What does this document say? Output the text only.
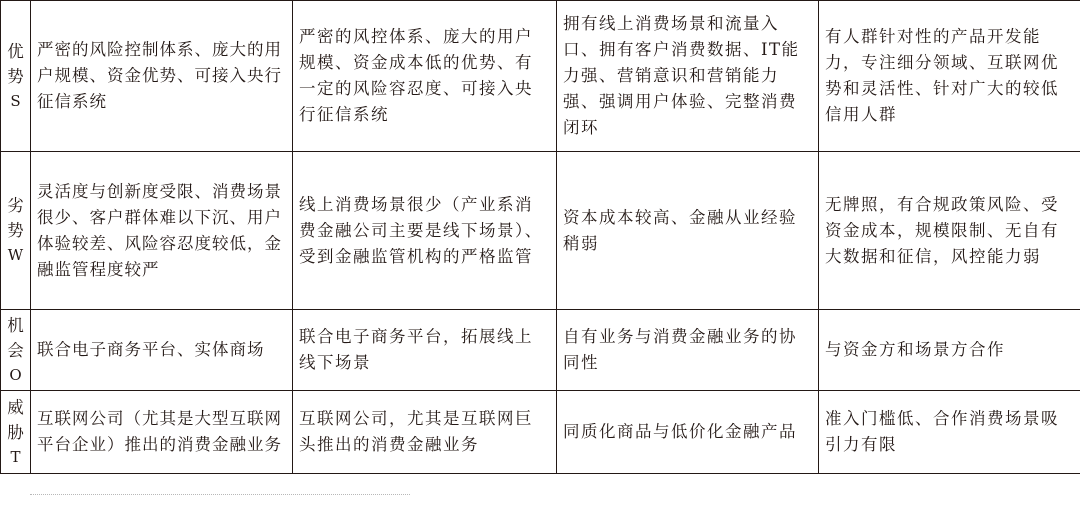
优
势
S	严密的风险控制体系、庞大的用户规模、资金优势、可接入央行征信系统	严密的风控体系、庞大的用户规模、资金成本低的优势、有一定的风险容忍度、可接入央行征信系统	拥有线上消费场景和流量入口、拥有客户消费数据、IT能力强、营销意识和营销能力强、强调用户体验、完整消费闭环	有人群针对性的产品开发能力，专注细分领域、互联网优势和灵活性、针对广大的较低信用人群

劣
势
W	灵活度与创新度受限、消费场景很少、客户群体难以下沉、用户体验较差、风险容忍度较低，金融监管程度较严	线上消费场景很少（产业系消费金融公司主要是线下场景）、受到金融监管机构的严格监管	资本成本较高、金融从业经验稍弱	无牌照，有合规政策风险、受资金成本，规模限制、无自有大数据和征信，风控能力弱

机
会
O	联合电子商务平台、实体商场	联合电子商务平台，拓展线上线下场景	自有业务与消费金融业务的协同性	与资金方和场景方合作

威
胁
T	互联网公司（尤其是大型互联网平台企业）推出的消费金融业务	互联网公司，尤其是互联网巨头推出的消费金融业务	同质化商品与低价化金融产品	准入门槛低、合作消费场景吸引力有限
